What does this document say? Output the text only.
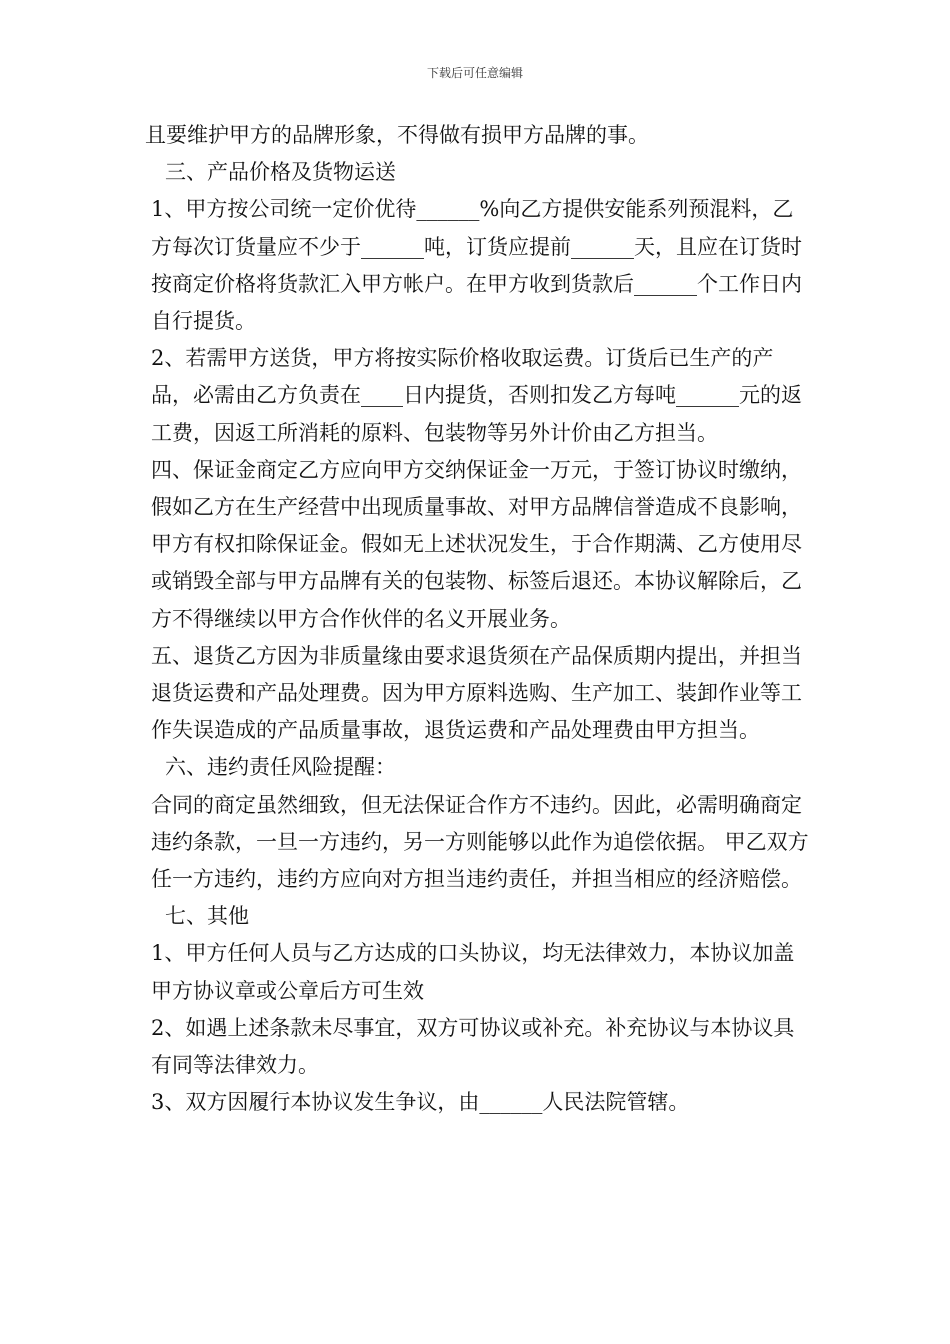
下载后可任意编辑

且要维护甲方的品牌形象，不得做有损甲方品牌的事。

三、产品价格及货物运送

1、甲方按公司统一定价优待______%向乙方提供安能系列预混料，乙方每次订货量应不少于______吨，订货应提前______天，且应在订货时按商定价格将货款汇入甲方帐户。在甲方收到货款后______个工作日内自行提货。

2、若需甲方送货，甲方将按实际价格收取运费。订货后已生产的产品，必需由乙方负责在____日内提货，否则扣发乙方每吨______元的返工费，因返工所消耗的原料、包装物等另外计价由乙方担当。

四、保证金商定乙方应向甲方交纳保证金一万元，于签订协议时缴纳，假如乙方在生产经营中出现质量事故、对甲方品牌信誉造成不良影响，甲方有权扣除保证金。假如无上述状况发生，于合作期满、乙方使用尽或销毁全部与甲方品牌有关的包装物、标签后退还。本协议解除后，乙方不得继续以甲方合作伙伴的名义开展业务。

五、退货乙方因为非质量缘由要求退货须在产品保质期内提出，并担当退货运费和产品处理费。因为甲方原料选购、生产加工、装卸作业等工作失误造成的产品质量事故，退货运费和产品处理费由甲方担当。

六、违约责任风险提醒：

合同的商定虽然细致，但无法保证合作方不违约。因此，必需明确商定违约条款，一旦一方违约，另一方则能够以此作为追偿依据。 甲乙双方任一方违约，违约方应向对方担当违约责任，并担当相应的经济赔偿。

七、其他

1、甲方任何人员与乙方达成的口头协议，均无法律效力，本协议加盖甲方协议章或公章后方可生效

2、如遇上述条款未尽事宜，双方可协议或补充。补充协议与本协议具有同等法律效力。

3、双方因履行本协议发生争议，由______人民法院管辖。
